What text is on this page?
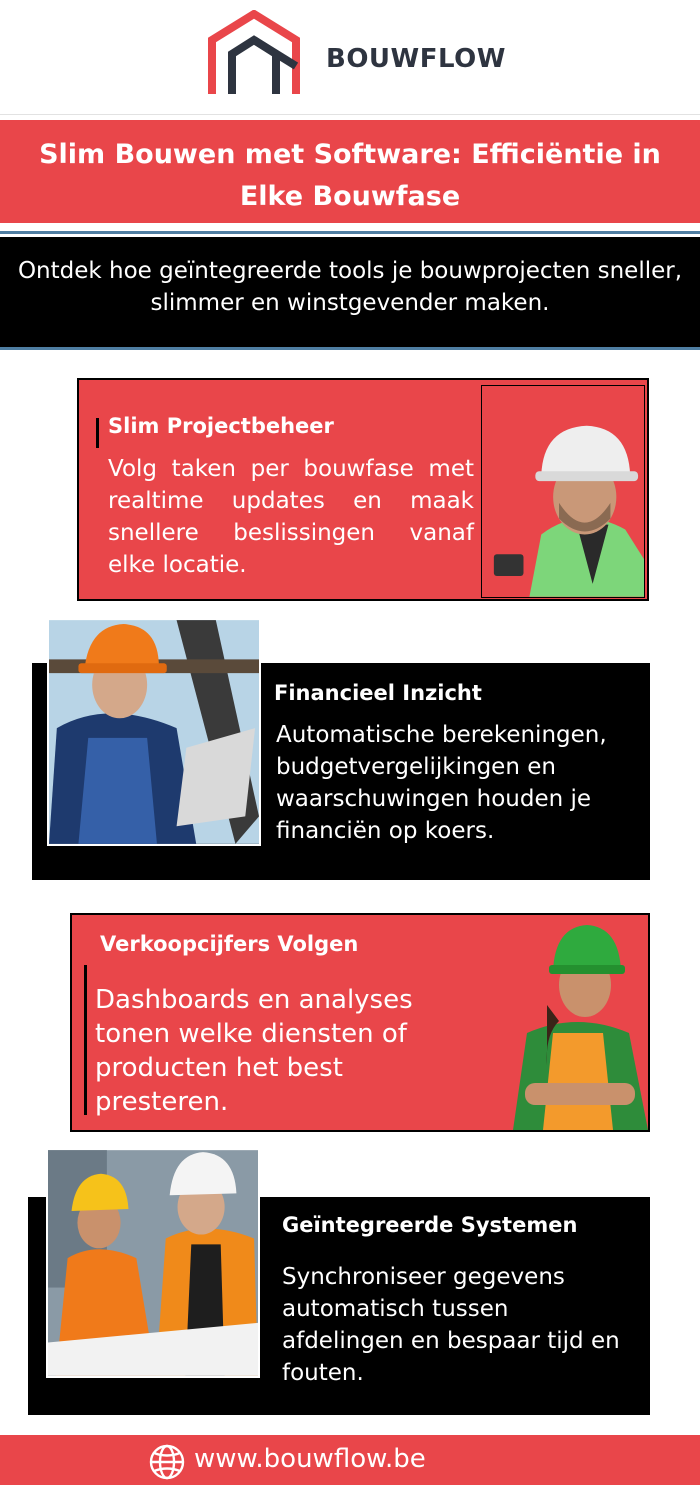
BOUWFLOW
Slim Bouwen met Software: Efficiëntie in Elke Bouwfase
Ontdek hoe geïntegreerde tools je bouwprojecten sneller, slimmer en winstgevender maken.
Slim Projectbeheer
Volg taken per bouwfase met realtime updates en maak snellere beslissingen vanaf elke locatie.
Financieel Inzicht
Automatische berekeningen, budgetvergelijkingen en waarschuwingen houden je financiën op koers.
Verkoopcijfers Volgen
Dashboards en analyses tonen welke diensten of producten het best presteren.
Geïntegreerde Systemen
Synchroniseer gegevens automatisch tussen afdelingen en bespaar tijd en fouten.
www.bouwflow.be
